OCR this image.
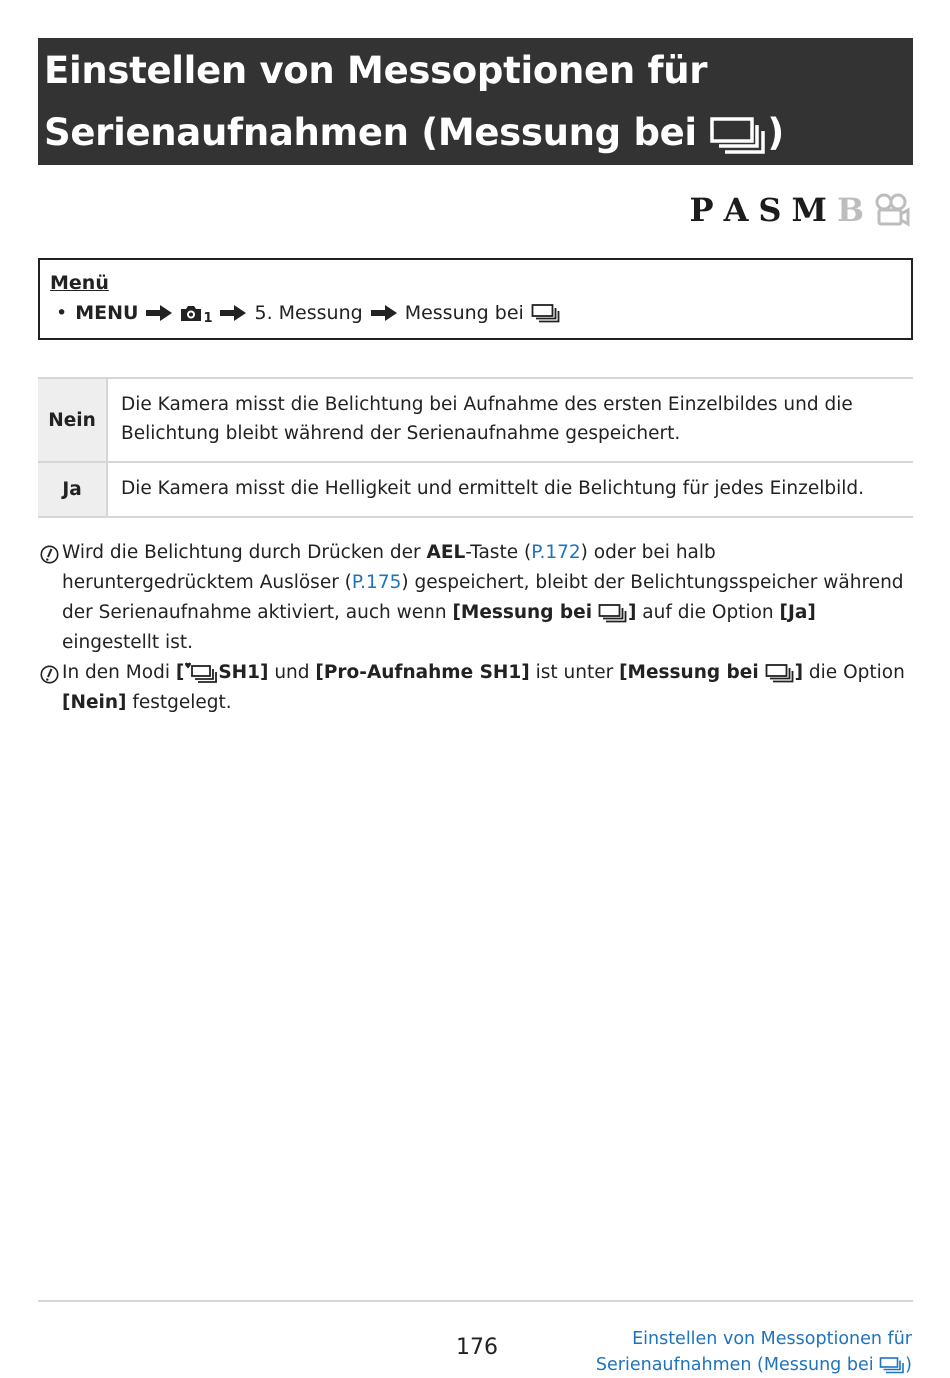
Einstellen von Messoptionen für
Serienaufnahmen (Messung bei )
P A S M B
Menü
• MENU	1 5. Messung Messung bei
Nein	Die Kamera misst die Belichtung bei Aufnahme des ersten Einzelbildes und die Belichtung bleibt während der Serienaufnahme gespeichert.
Ja	Die Kamera misst die Helligkeit und ermittelt die Belichtung für jedes Einzelbild.
Wird die Belichtung durch Drücken der AEL-Taste (P.172) oder bei halb heruntergedrücktem Auslöser (P.175) gespeichert, bleibt der Belichtungsspeicher während der Serienaufnahme aktiviert, auch wenn [Messung bei ] auf die Option [Ja] eingestellt ist.
In den Modi [ SH1] und [Pro-Aufnahme SH1] ist unter [Messung bei ] die Option [Nein] festgelegt.
176	Einstellen von Messoptionen für
Serienaufnahmen (Messung bei )
